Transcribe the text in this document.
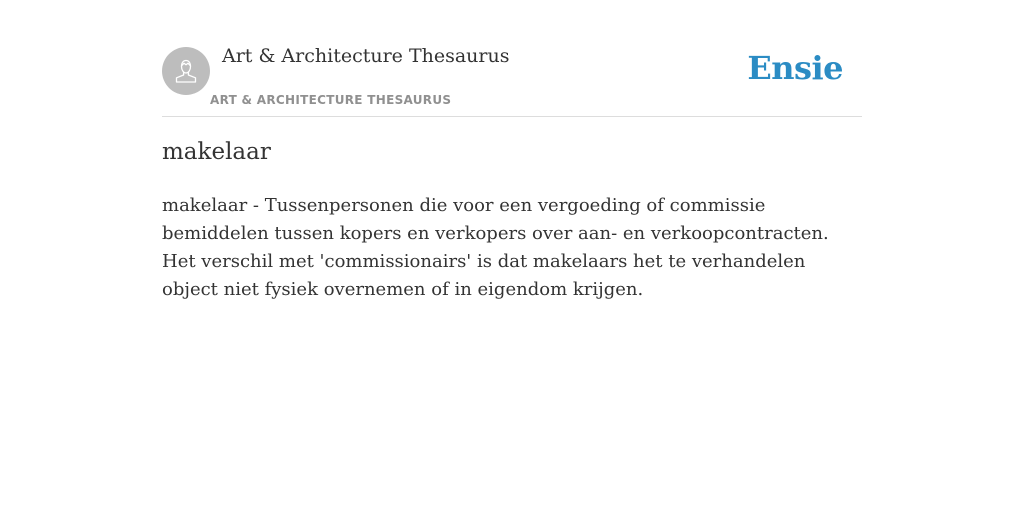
Art & Architecture Thesaurus
ART & ARCHITECTURE THESAURUS
Ensie
makelaar

makelaar - Tussenpersonen die voor een vergoeding of commissie bemiddelen tussen kopers en verkopers over aan- en verkoopcontracten. Het verschil met 'commissionairs' is dat makelaars het te verhandelen object niet fysiek overnemen of in eigendom krijgen.
